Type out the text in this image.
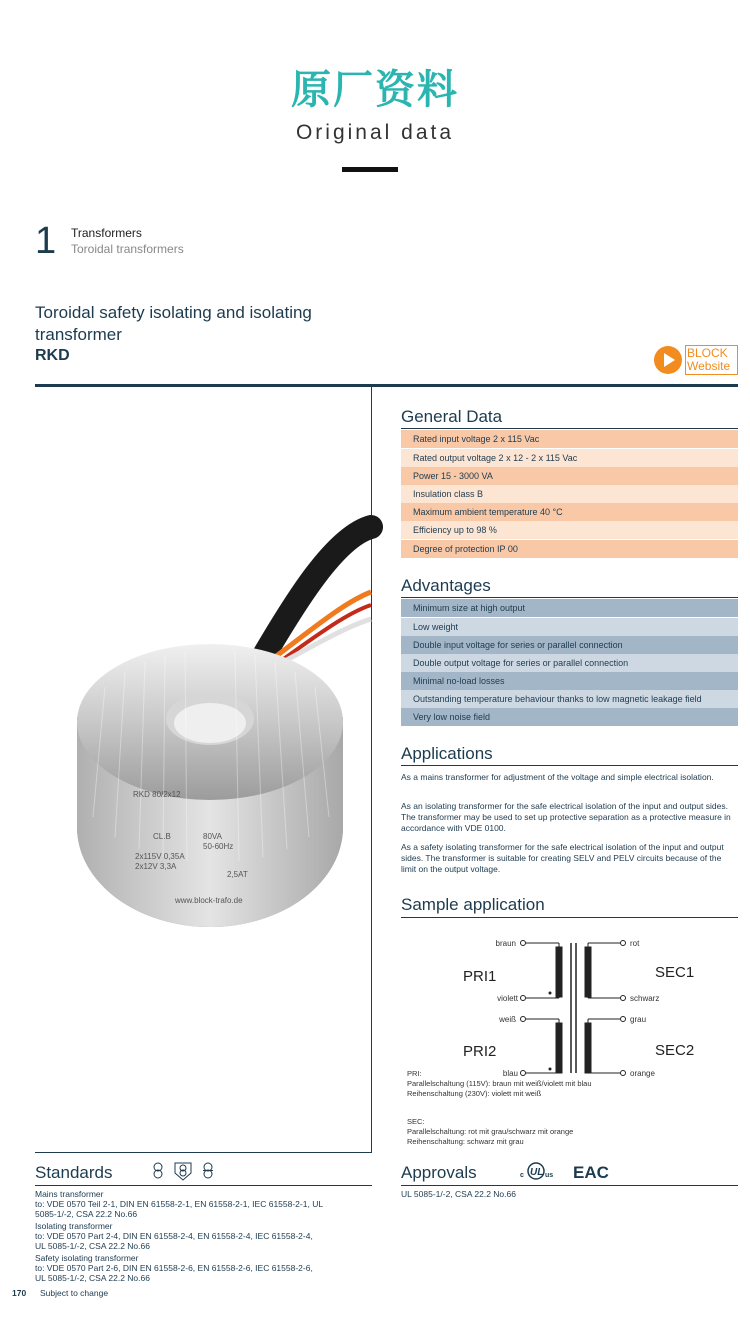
原厂资料
Original data
1 Transformers
Toroidal transformers
Toroidal safety isolating and isolating transformer
RKD	BLOCK
Website
RKD 80/2x12
CL.B	80VA
50-60Hz
2x115V 0,35A
2x12V 3,3A
2,5AT
www.block-trafo.de
General Data
Rated input voltage 2 x 115 Vac
Rated output voltage 2 x 12 - 2 x 115 Vac
Power 15 - 3000 VA
Insulation class B
Maximum ambient temperature 40 °C
Efficiency up to 98 %
Degree of protection IP 00
Advantages
Minimum size at high output
Low weight
Double input voltage for series or parallel connection
Double output voltage for series or parallel connection
Minimal no-load losses
Outstanding temperature behaviour thanks to low magnetic leakage field
Very low noise field
Applications
As a mains transformer for adjustment of the voltage and simple electrical isolation.
As an isolating transformer for the safe electrical isolation of the input and output sides. The transformer may be used to set up protective separation as a protective measure in accordance with VDE 0100.
As a safety isolating transformer for the safe electrical isolation of the input and output sides. The transformer is suitable for creating SELV and PELV circuits because of the limit on the output voltage.
Sample application
braun
violett
weiß
blau
rot
schwarz
grau
orange
PRI1
PRI2
SEC1
SEC2
PRI:
Parallelschaltung (115V): braun mit weiß/violett mit blau
Reihenschaltung (230V): violett mit weiß
SEC:
Parallelschaltung: rot mit grau/schwarz mit orange
Reihenschaltung: schwarz mit grau
Standards
Mains transformer
to: VDE 0570 Teil 2-1, DIN EN 61558-2-1, EN 61558-2-1, IEC 61558-2-1, UL
5085-1/-2, CSA 22.2 No.66
Isolating transformer
to: VDE 0570 Part 2-4, DIN EN 61558-2-4, EN 61558-2-4, IEC 61558-2-4,
UL 5085-1/-2, CSA 22.2 No.66
Safety isolating transformer
to: VDE 0570 Part 2-6, DIN EN 61558-2-6, EN 61558-2-6, IEC 61558-2-6,
UL 5085-1/-2, CSA 22.2 No.66
Approvals	c UL us EAC
UL 5085-1/-2, CSA 22.2 No.66
170 Subject to change
